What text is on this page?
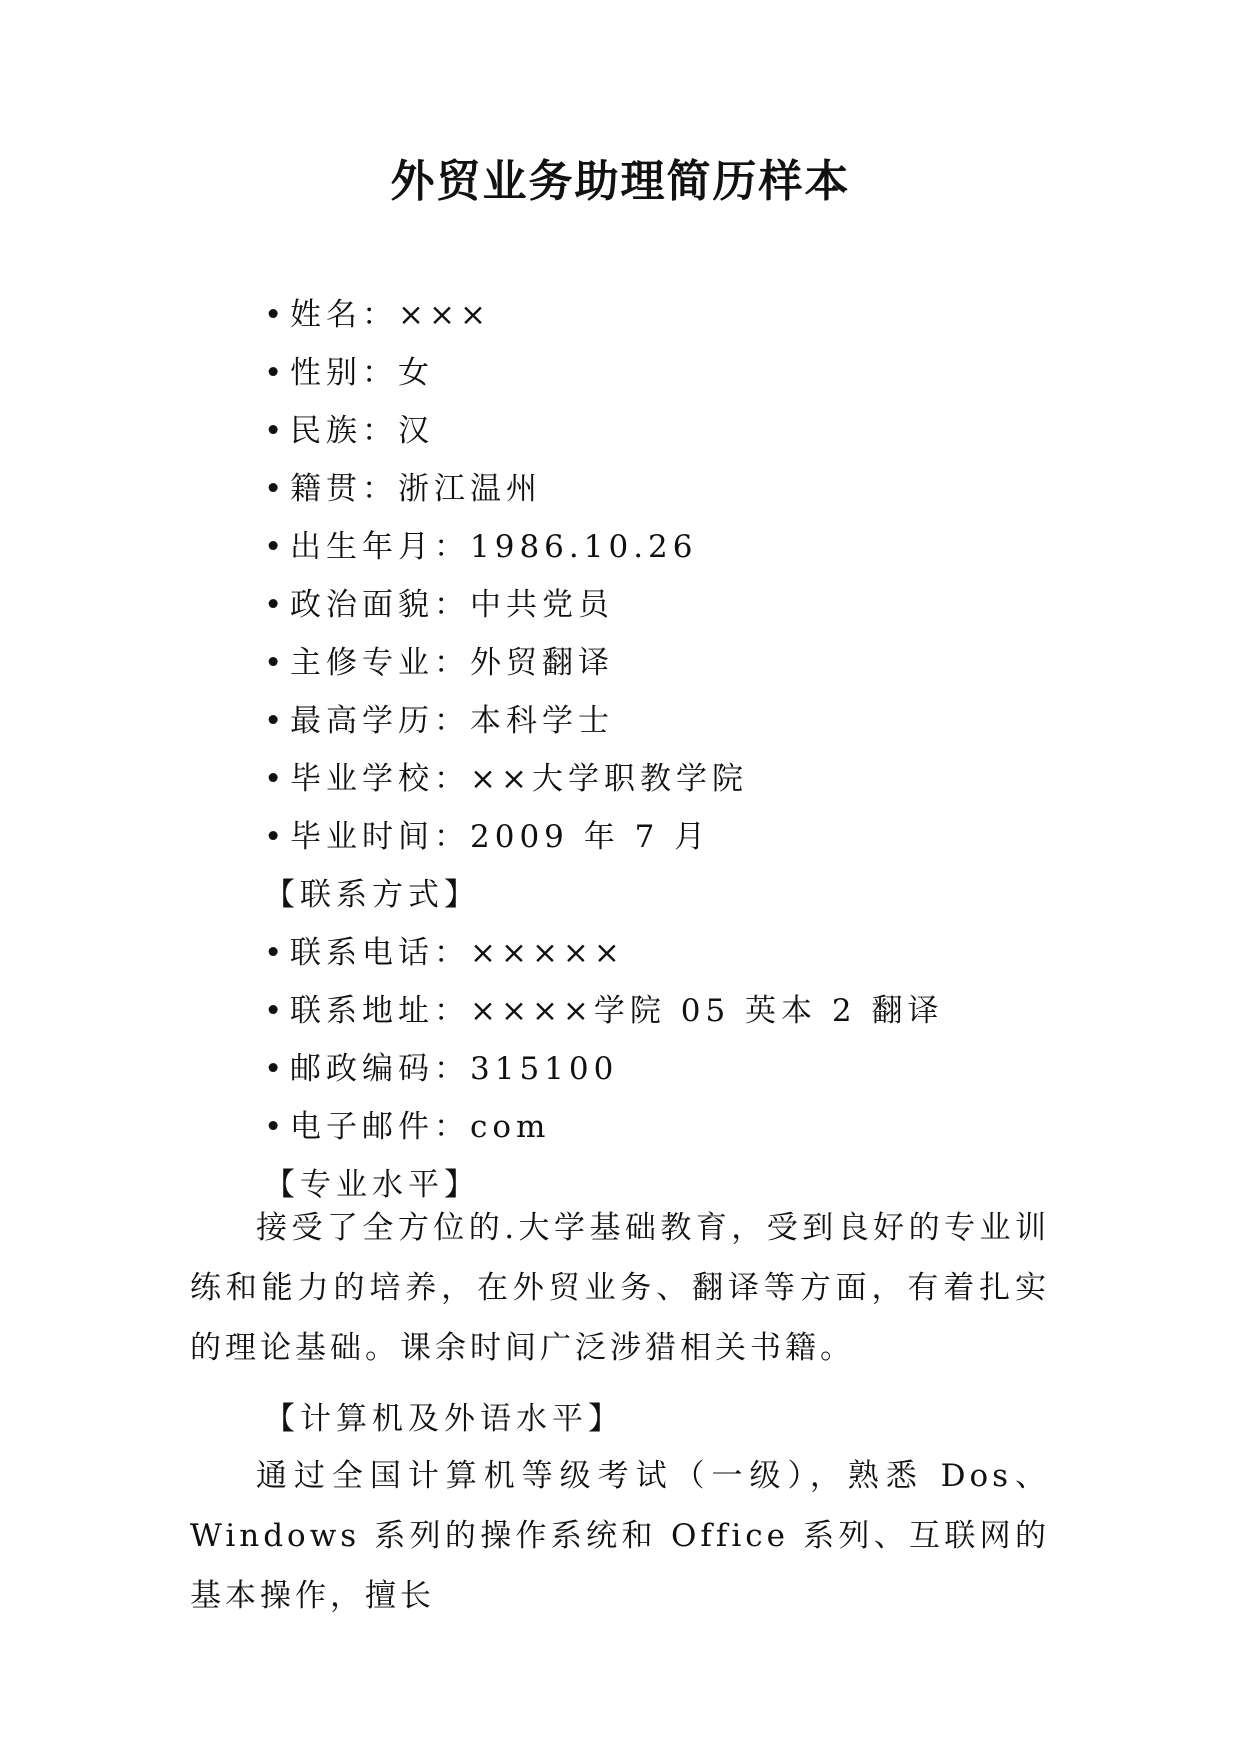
外贸业务助理简历样本
• 姓名：×××
• 性别：女
• 民族：汉
• 籍贯：浙江温州
• 出生年月：1986.10.26
• 政治面貌：中共党员
• 主修专业：外贸翻译
• 最高学历：本科学士
• 毕业学校：××大学职教学院
• 毕业时间：2009 年 7 月
【联系方式】
• 联系电话：×××××
• 联系地址：××××学院 05 英本 2 翻译
• 邮政编码：315100
• 电子邮件：com
【专业水平】
接受了全方位的.大学基础教育，受到良好的专业训练和能力的培养，在外贸业务、翻译等方面，有着扎实的理论基础。课余时间广泛涉猎相关书籍。
【计算机及外语水平】
通过全国计算机等级考试（一级），熟悉 Dos、Windows 系列的操作系统和 Office 系列、互联网的基本操作，擅长
